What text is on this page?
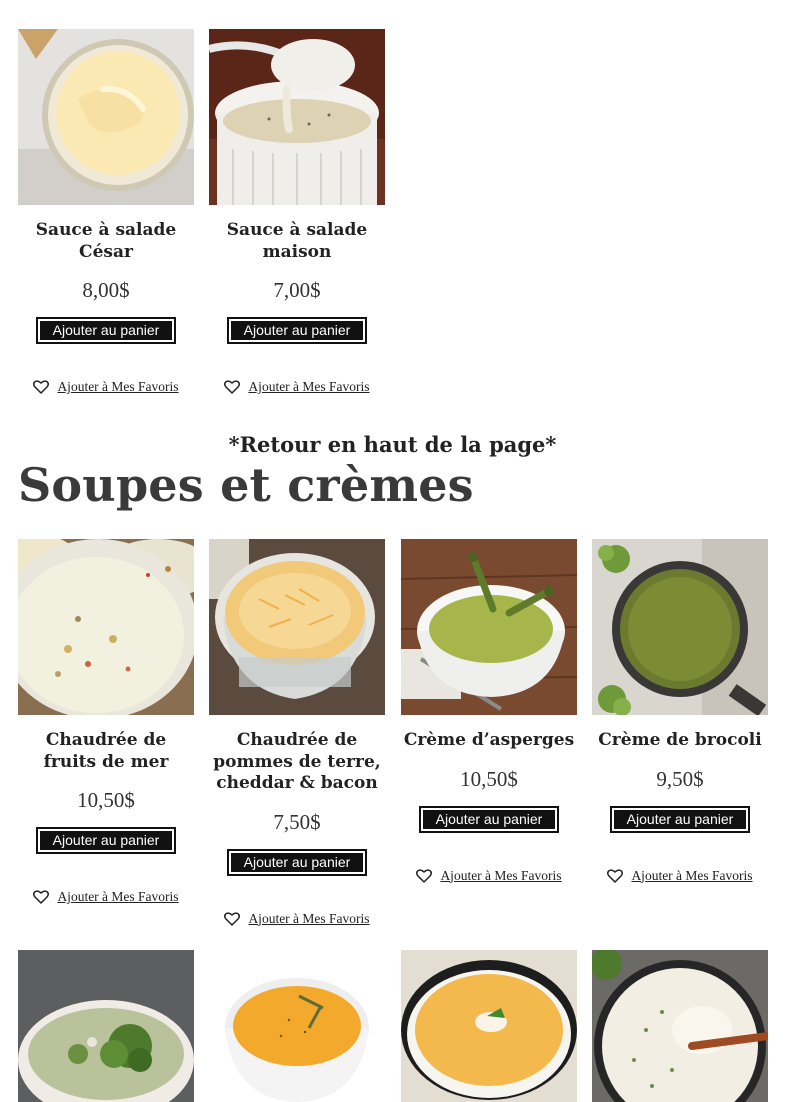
Sauce à salade César
8,00$
Ajouter au panier
Ajouter à Mes Favoris
Sauce à salade maison
7,00$
Ajouter au panier
Ajouter à Mes Favoris
*Retour en haut de la page*
Soupes et crèmes
Chaudrée de fruits de mer
10,50$
Ajouter au panier
Ajouter à Mes Favoris
Chaudrée de pommes de terre, cheddar & bacon
7,50$
Ajouter au panier
Ajouter à Mes Favoris
Crème d’asperges
10,50$
Ajouter au panier
Ajouter à Mes Favoris
Crème de brocoli
9,50$
Ajouter au panier
Ajouter à Mes Favoris
